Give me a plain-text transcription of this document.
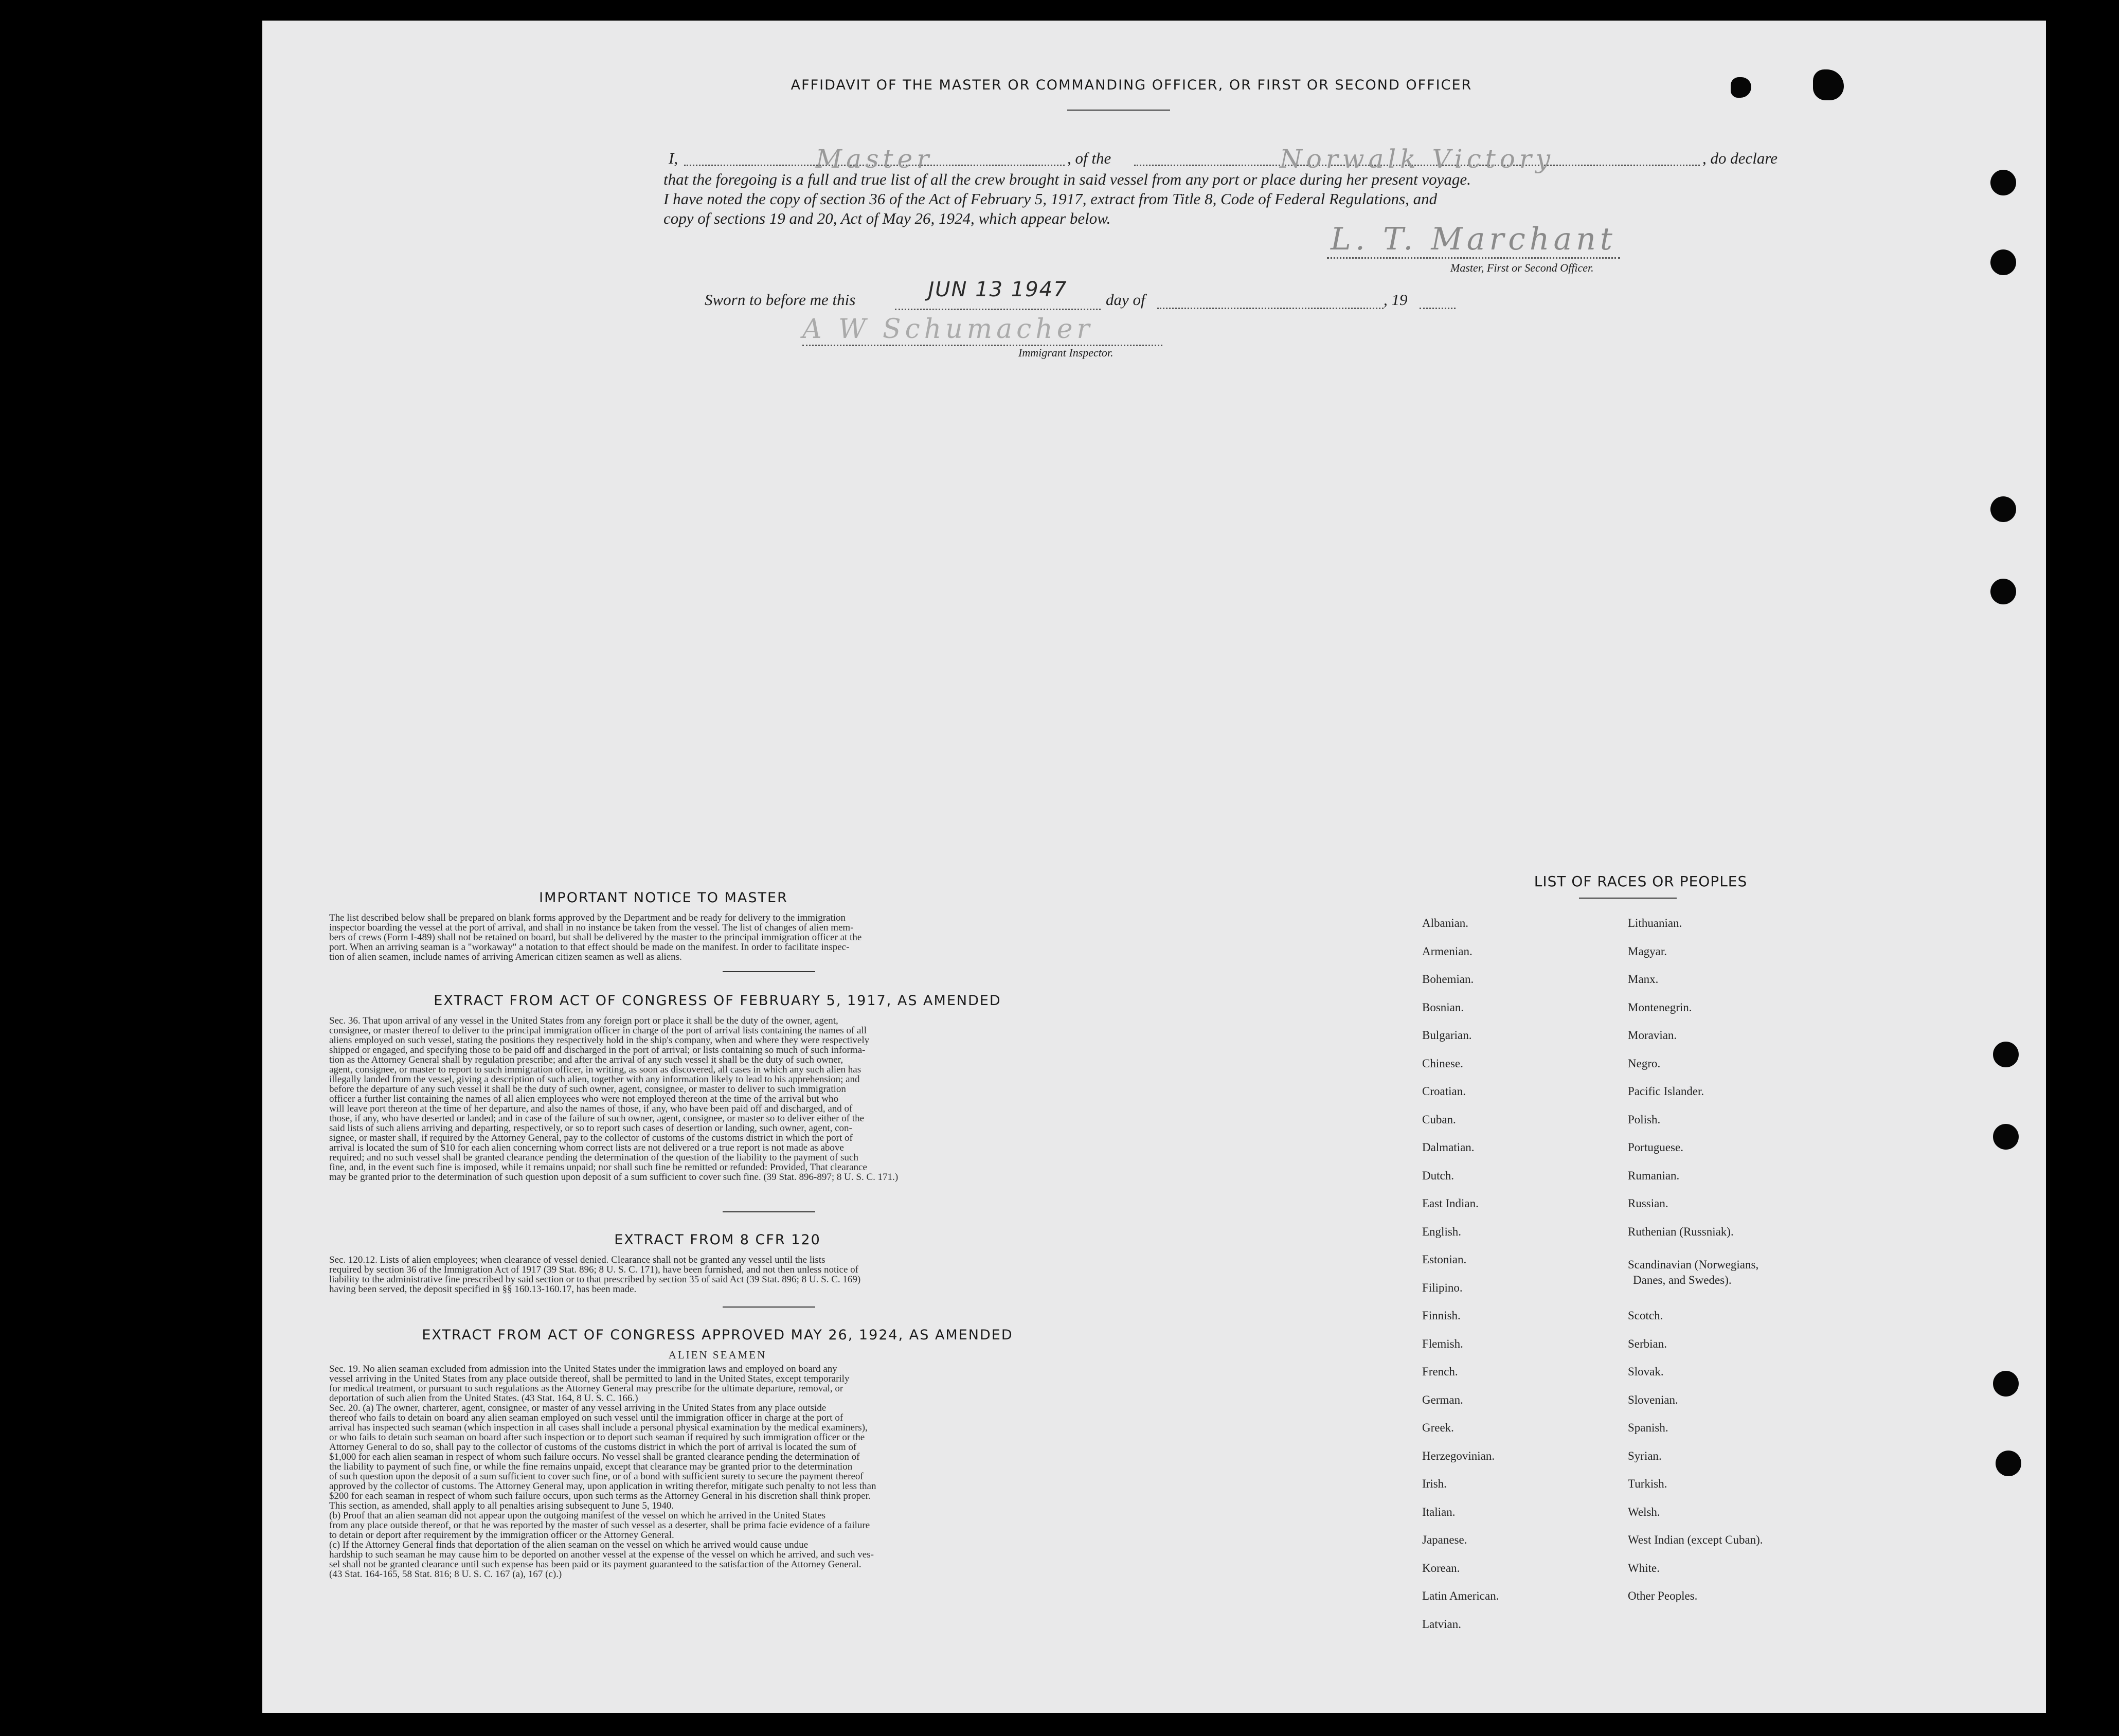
AFFIDAVIT OF THE MASTER OR COMMANDING OFFICER, OR FIRST OR SECOND OFFICER
I,	Master	, of the	Norwalk Victory	, do declare
that the foregoing is a full and true list of all the crew brought in said vessel from any port or place during her present voyage.
I have noted the copy of section 36 of the Act of February 5, 1917, extract from Title 8, Code of Federal Regulations, and
copy of sections 19 and 20, Act of May 26, 1924, which appear below.
L. T. Marchant
Master, First or Second Officer.
Sworn to before me this	JUN 13 1947	day of	, 19
A W Schumacher
Immigrant Inspector.
IMPORTANT NOTICE TO MASTER
The list described below shall be prepared on blank forms approved by the Department and be ready for delivery to the immigration
inspector boarding the vessel at the port of arrival, and shall in no instance be taken from the vessel. The list of changes of alien mem-
bers of crews (Form I-489) shall not be retained on board, but shall be delivered by the master to the principal immigration officer at the
port. When an arriving seaman is a "workaway" a notation to that effect should be made on the manifest. In order to facilitate inspec-
tion of alien seamen, include names of arriving American citizen seamen as well as aliens.
EXTRACT FROM ACT OF CONGRESS OF FEBRUARY 5, 1917, AS AMENDED
Sec. 36. That upon arrival of any vessel in the United States from any foreign port or place it shall be the duty of the owner, agent,
consignee, or master thereof to deliver to the principal immigration officer in charge of the port of arrival lists containing the names of all
aliens employed on such vessel, stating the positions they respectively hold in the ship's company, when and where they were respectively
shipped or engaged, and specifying those to be paid off and discharged in the port of arrival; or lists containing so much of such informa-
tion as the Attorney General shall by regulation prescribe; and after the arrival of any such vessel it shall be the duty of such owner,
agent, consignee, or master to report to such immigration officer, in writing, as soon as discovered, all cases in which any such alien has
illegally landed from the vessel, giving a description of such alien, together with any information likely to lead to his apprehension; and
before the departure of any such vessel it shall be the duty of such owner, agent, consignee, or master to deliver to such immigration
officer a further list containing the names of all alien employees who were not employed thereon at the time of the arrival but who
will leave port thereon at the time of her departure, and also the names of those, if any, who have been paid off and discharged, and of
those, if any, who have deserted or landed; and in case of the failure of such owner, agent, consignee, or master so to deliver either of the
said lists of such aliens arriving and departing, respectively, or so to report such cases of desertion or landing, such owner, agent, con-
signee, or master shall, if required by the Attorney General, pay to the collector of customs of the customs district in which the port of
arrival is located the sum of $10 for each alien concerning whom correct lists are not delivered or a true report is not made as above
required; and no such vessel shall be granted clearance pending the determination of the question of the liability to the payment of such
fine, and, in the event such fine is imposed, while it remains unpaid; nor shall such fine be remitted or refunded: Provided, That clearance
may be granted prior to the determination of such question upon deposit of a sum sufficient to cover such fine. (39 Stat. 896-897; 8 U. S. C. 171.)
EXTRACT FROM 8 CFR 120
Sec. 120.12. Lists of alien employees; when clearance of vessel denied. Clearance shall not be granted any vessel until the lists
required by section 36 of the Immigration Act of 1917 (39 Stat. 896; 8 U. S. C. 171), have been furnished, and not then unless notice of
liability to the administrative fine prescribed by said section or to that prescribed by section 35 of said Act (39 Stat. 896; 8 U. S. C. 169)
having been served, the deposit specified in §§ 160.13-160.17, has been made.
EXTRACT FROM ACT OF CONGRESS APPROVED MAY 26, 1924, AS AMENDED
ALIEN SEAMEN
Sec. 19. No alien seaman excluded from admission into the United States under the immigration laws and employed on board any
vessel arriving in the United States from any place outside thereof, shall be permitted to land in the United States, except temporarily
for medical treatment, or pursuant to such regulations as the Attorney General may prescribe for the ultimate departure, removal, or
deportation of such alien from the United States. (43 Stat. 164, 8 U. S. C. 166.)
Sec. 20. (a) The owner, charterer, agent, consignee, or master of any vessel arriving in the United States from any place outside
thereof who fails to detain on board any alien seaman employed on such vessel until the immigration officer in charge at the port of
arrival has inspected such seaman (which inspection in all cases shall include a personal physical examination by the medical examiners),
or who fails to detain such seaman on board after such inspection or to deport such seaman if required by such immigration officer or the
Attorney General to do so, shall pay to the collector of customs of the customs district in which the port of arrival is located the sum of
$1,000 for each alien seaman in respect of whom such failure occurs. No vessel shall be granted clearance pending the determination of
the liability to payment of such fine, or while the fine remains unpaid, except that clearance may be granted prior to the determination
of such question upon the deposit of a sum sufficient to cover such fine, or of a bond with sufficient surety to secure the payment thereof
approved by the collector of customs. The Attorney General may, upon application in writing therefor, mitigate such penalty to not less than
$200 for each seaman in respect of whom such failure occurs, upon such terms as the Attorney General in his discretion shall think proper.
This section, as amended, shall apply to all penalties arising subsequent to June 5, 1940.
(b) Proof that an alien seaman did not appear upon the outgoing manifest of the vessel on which he arrived in the United States
from any place outside thereof, or that he was reported by the master of such vessel as a deserter, shall be prima facie evidence of a failure
to detain or deport after requirement by the immigration officer or the Attorney General.
(c) If the Attorney General finds that deportation of the alien seaman on the vessel on which he arrived would cause undue
hardship to such seaman he may cause him to be deported on another vessel at the expense of the vessel on which he arrived, and such ves-
sel shall not be granted clearance until such expense has been paid or its payment guaranteed to the satisfaction of the Attorney General.
(43 Stat. 164-165, 58 Stat. 816; 8 U. S. C. 167 (a), 167 (c).)
LIST OF RACES OR PEOPLES
Albanian.
Armenian.
Bohemian.
Bosnian.
Bulgarian.
Chinese.
Croatian.
Cuban.
Dalmatian.
Dutch.
East Indian.
English.
Estonian.
Filipino.
Finnish.
Flemish.
French.
German.
Greek.
Herzegovinian.
Irish.
Italian.
Japanese.
Korean.
Latin American.
Latvian.
Lithuanian.
Magyar.
Manx.
Montenegrin.
Moravian.
Negro.
Pacific Islander.
Polish.
Portuguese.
Rumanian.
Russian.
Ruthenian (Russniak).
Scandinavian (Norwegians,
Danes, and Swedes).
Scotch.
Serbian.
Slovak.
Slovenian.
Spanish.
Syrian.
Turkish.
Welsh.
West Indian (except Cuban).
White.
Other Peoples.
